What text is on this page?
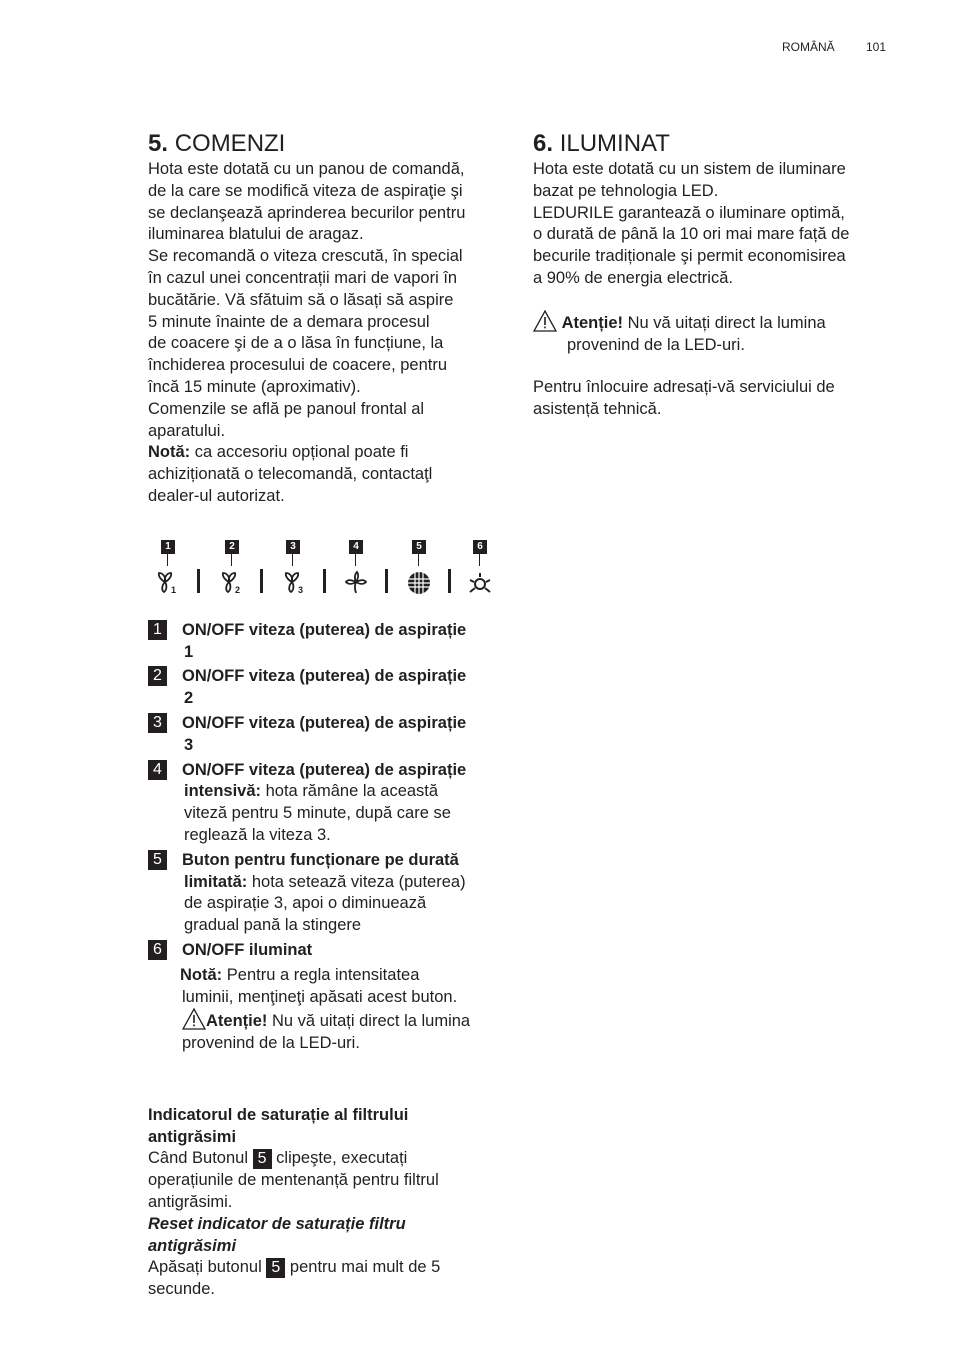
ROMÂNĂ	101
5. COMENZI
Hota este dotată cu un panou de comandă,
de la care se modifică viteza de aspiraţie şi
se declanşează aprinderea becurilor pentru
iluminarea blatului de aragaz.
Se recomandă o viteza crescută, în special
în cazul unei concentrații mari de vapori în
bucătărie. Vă sfătuim să o lăsați să aspire
5 minute înainte de a demara procesul
de coacere şi de a o lăsa în funcțiune, la
închiderea procesului de coacere, pentru
încă 15 minute (aproximativ).
Comenzile se află pe panoul frontal al
aparatului.
Notă: ca accesoriu opțional poate fi
achiziționată o telecomandă, contactaţl
dealer-ul autorizat.
1	2	3	4	5	6
1	2	3
1	ON/OFF viteza (puterea) de aspirație
1
2	ON/OFF viteza (puterea) de aspirație
2
3	ON/OFF viteza (puterea) de aspirație
3
4	ON/OFF viteza (puterea) de aspirație
intensivă: hota rămâne la această
viteză pentru 5 minute, după care se
reglează la viteza 3.
5	Buton pentru funcționare pe durată
limitată: hota setează viteza (puterea)
de aspirație 3, apoi o diminuează
gradual pană la stingere
6	ON/OFF iluminat
Notă: Pentru a regla intensitatea
luminii, menţineţi apăsati acest buton.
Atenție! Nu vă uitați direct la lumina
provenind de la LED-uri.
Indicatorul de saturație al filtrului
antigrăsimi
Când Butonul 5 clipeşte, executați
operațiunile de mentenanță pentru filtrul
antigrăsimi.
Reset indicator de saturație filtru
antigrăsimi
Apăsați butonul 5 pentru mai mult de 5
secunde.
6. ILUMINAT
Hota este dotată cu un sistem de iluminare
bazat pe tehnologia LED.
LEDURILE garantează o iluminare optimă,
o durată de până la 10 ori mai mare față de
becurile tradiționale şi permit economisirea
a 90% de energia electrică.
Atenție! Nu vă uitați direct la lumina
provenind de la LED-uri.
Pentru înlocuire adresați-vă serviciului de
asistență tehnică.
